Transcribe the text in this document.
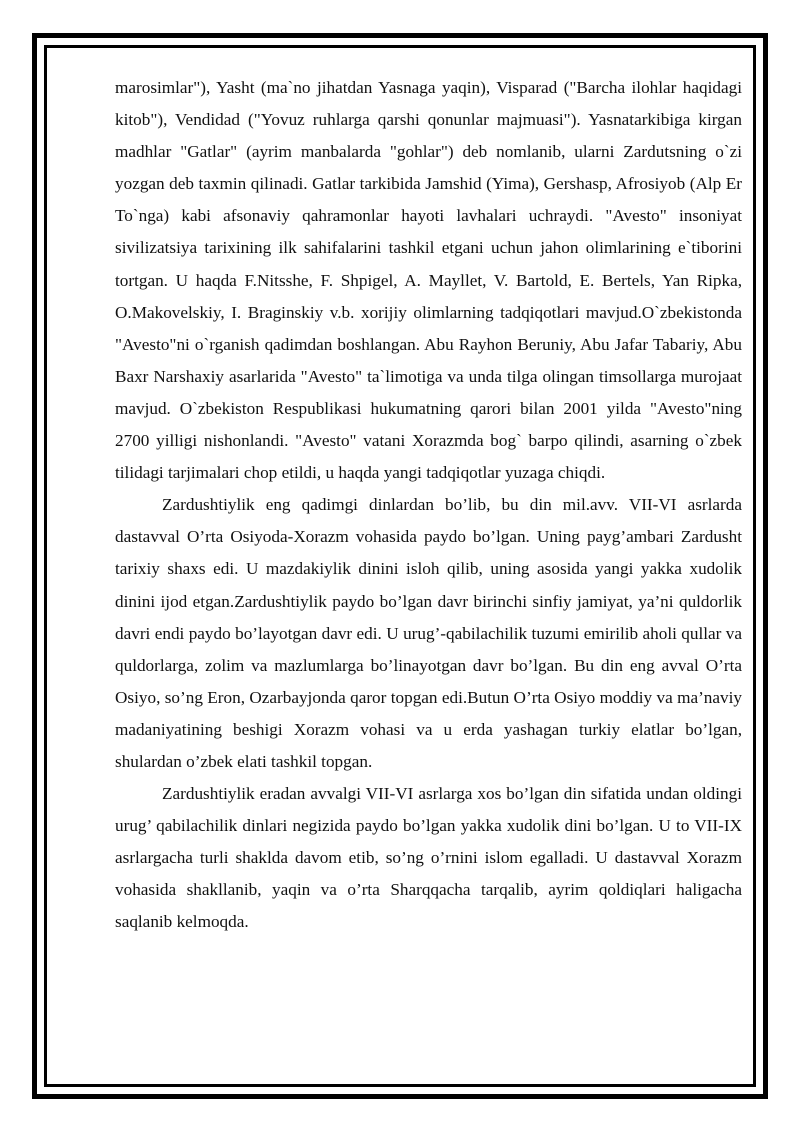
marosimlar"), Yasht (ma`no jihatdan Yasnaga yaqin), Visparad ("Barcha ilohlar haqidagi kitob"), Vendidad ("Yovuz ruhlarga qarshi qonunlar majmuasi"). Yasnatarkibiga kirgan madhlar "Gatlar" (ayrim manbalarda "gohlar") deb nomlanib, ularni Zardutsning o`zi yozgan deb taxmin qilinadi. Gatlar tarkibida Jamshid (Yima), Gershasp, Afrosiyob (Alp Er To`nga) kabi afsonaviy qahramonlar hayoti lavhalari uchraydi. "Avesto" insoniyat sivilizatsiya tarixining ilk sahifalarini tashkil etgani uchun jahon olimlarining e`tiborini tortgan. U haqda F.Nitsshe, F. Shpigel, A. Mayllet, V. Bartold, E. Bertels, Yan Ripka, O.Makovelskiy, I. Braginskiy v.b. xorijiy olimlarning tadqiqotlari mavjud.O`zbekistonda "Avesto"ni o`rganish qadimdan boshlangan. Abu Rayhon Beruniy, Abu Jafar Tabariy, Abu Baxr Narshaxiy asarlarida "Avesto" ta`limotiga va unda tilga olingan timsollarga murojaat mavjud. O`zbekiston Respublikasi hukumatning qarori bilan 2001 yilda "Avesto"ning 2700 yilligi nishonlandi. "Avesto" vatani Xorazmda bog` barpo qilindi, asarning o`zbek tilidagi tarjimalari chop etildi, u haqda yangi tadqiqotlar yuzaga chiqdi.

Zardushtiylik eng qadimgi dinlardan bo’lib, bu din mil.avv. VII-VI asrlarda dastavval O’rta Osiyoda-Xorazm vohasida paydo bo’lgan. Uning payg’ambari Zardusht tarixiy shaxs edi. U mazdakiylik dinini isloh qilib, uning asosida yangi yakka xudolik dinini ijod etgan.Zardushtiylik paydo bo’lgan davr birinchi sinfiy jamiyat, ya’ni quldorlik davri endi paydo bo’layotgan davr edi. U urug’-qabilachilik tuzumi emirilib aholi qullar va quldorlarga, zolim va mazlumlarga bo’linayotgan davr bo’lgan. Bu din eng avval O’rta Osiyo, so’ng Eron, Ozarbayjonda qaror topgan edi.Butun O’rta Osiyo moddiy va ma’naviy madaniyatining beshigi Xorazm vohasi va u erda yashagan turkiy elatlar bo’lgan, shulardan o’zbek elati tashkil topgan.

Zardushtiylik eradan avvalgi VII-VI asrlarga xos bo’lgan din sifatida undan oldingi urug’ qabilachilik dinlari negizida paydo bo’lgan yakka xudolik dini bo’lgan. U to VII-IX asrlargacha turli shaklda davom etib, so’ng o’rnini islom egalladi. U dastavval Xorazm vohasida shakllanib, yaqin va o’rta Sharqqacha tarqalib, ayrim qoldiqlari haligacha saqlanib kelmoqda.
